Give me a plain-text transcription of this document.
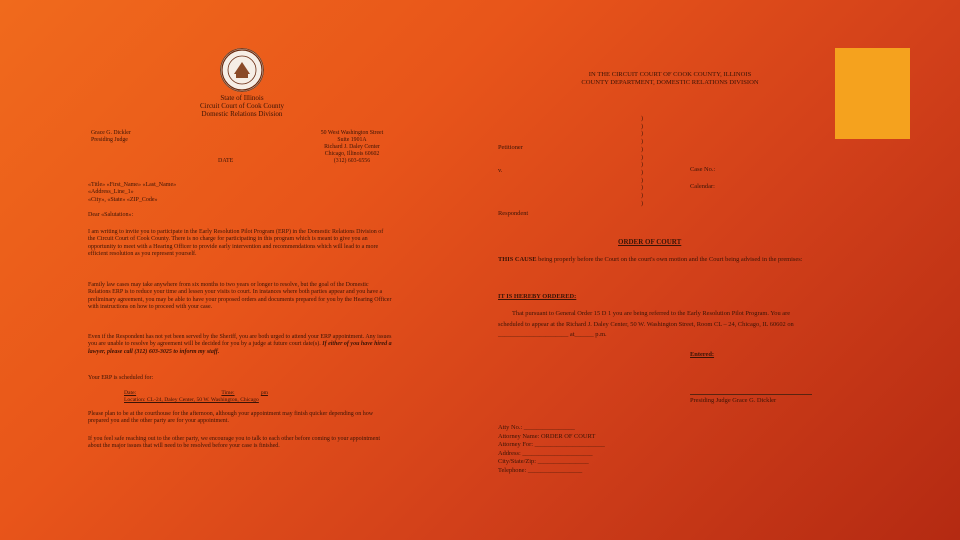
State of Illinois
Circuit Court of Cook County
Domestic Relations Division
Grace G. Dickler
Presiding Judge
50 West Washington Street
Suite 1901A
Richard J. Daley Center
Chicago, Illinois 60602
(312) 603-6556
DATE
«Title» «First_Name» «Last_Name»
«Address_Line_1»
«City», «State» «ZIP_Code»
Dear «Salutation»:
I am writing to invite you to participate in the Early Resolution Pilot Program (ERP) in the Domestic Relations Division of the Circuit Court of Cook County. There is no charge for participating in this program which is meant to give you an opportunity to meet with a Hearing Officer to provide early intervention and recommendations which will lead to a more efficient resolution as you represent yourself.
Family law cases may take anywhere from six months to two years or longer to resolve, but the goal of the Domestic Relations ERP is to reduce your time and lessen your visits to court. In instances where both parties appear and you have a preliminary agreement, you may be able to have your proposed orders and documents prepared for you by the Hearing Officer with instructions on how to proceed with your case.
Even if the Respondent has not yet been served by the Sheriff, you are both urged to attend your ERP appointment. Any issues you are unable to resolve by agreement will be decided for you by a judge at future court date(s). If either of you have hired a lawyer, please call (312) 603-3025 to inform my staff.
Your ERP is scheduled for:
Date:	Time:	pm
Location: CL-24, Daley Center, 50 W. Washington, Chicago
Please plan to be at the courthouse for the afternoon, although your appointment may finish quicker depending on how prepared you and the other party are for your appointment.
If you feel safe reaching out to the other party, we encourage you to talk to each other before coming to your appointment about the major issues that will need to be resolved before your case is finished.
IN THE CIRCUIT COURT OF COOK COUNTY, ILLINOIS
COUNTY DEPARTMENT, DOMESTIC RELATIONS DIVISION
)
)
)
)
)
)
)
)
)
)
)
)
Petitioner
v.
Respondent
Case No.:
Calendar:
ORDER OF COURT
THIS CAUSE being properly before the Court on the court's own motion and the Court being advised in the premises:
IT IS HEREBY ORDERED:
That pursuant to General Order 15 D 1 you are being referred to the Early Resolution Pilot Program. You are scheduled to appear at the Richard J. Daley Center, 50 W. Washington Street, Room CL – 24, Chicago, IL 60602 on ______________________ at______ p.m.
Entered:
Presiding Judge Grace G. Dickler
Atty No.: ________________
Attorney Name: ORDER OF COURT
Attorney For: ______________________
Address: ______________________
City/State/Zip: ________________
Telephone: _________________
